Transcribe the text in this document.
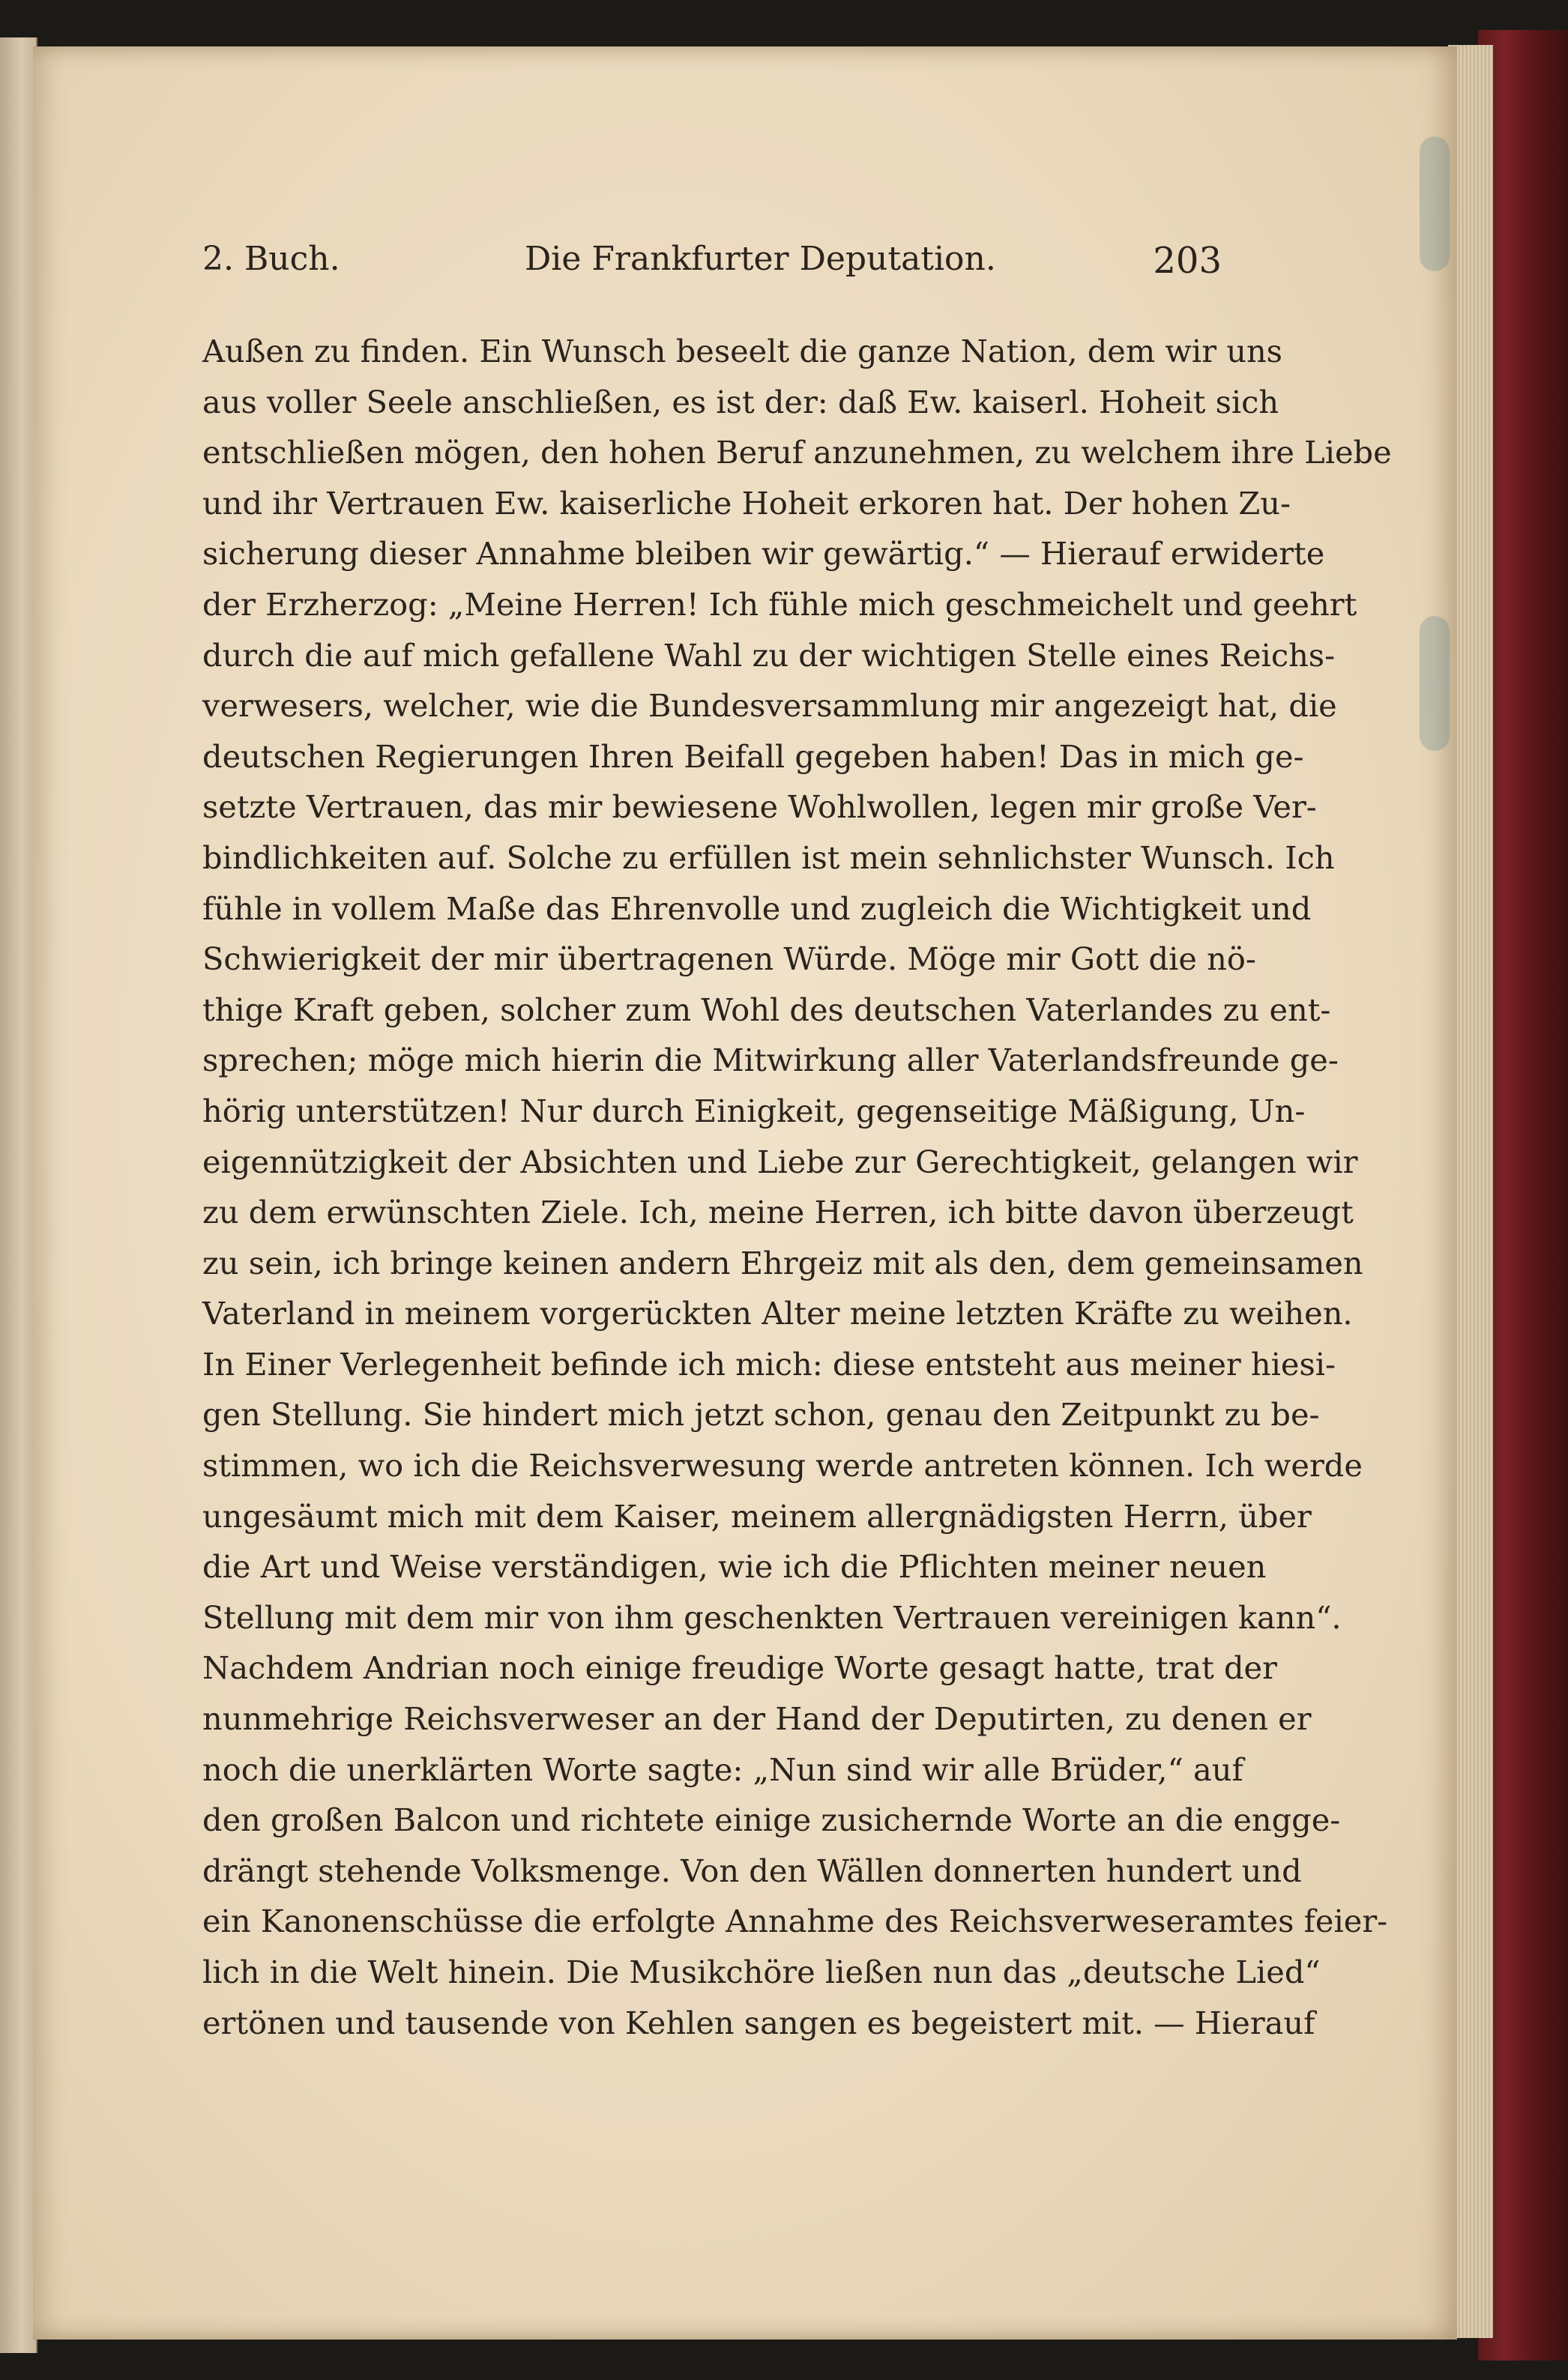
2. Buch.	Die Frankfurter Deputation.	203
Außen zu finden. Ein Wunsch beseelt die ganze Nation, dem wir uns
aus voller Seele anschließen, es ist der: daß Ew. kaiserl. Hoheit sich
entschließen mögen, den hohen Beruf anzunehmen, zu welchem ihre Liebe
und ihr Vertrauen Ew. kaiserliche Hoheit erkoren hat. Der hohen Zu-
sicherung dieser Annahme bleiben wir gewärtig.“ — Hierauf erwiderte
der Erzherzog: „Meine Herren! Ich fühle mich geschmeichelt und geehrt
durch die auf mich gefallene Wahl zu der wichtigen Stelle eines Reichs-
verwesers, welcher, wie die Bundesversammlung mir angezeigt hat, die
deutschen Regierungen Ihren Beifall gegeben haben! Das in mich ge-
setzte Vertrauen, das mir bewiesene Wohlwollen, legen mir große Ver-
bindlichkeiten auf. Solche zu erfüllen ist mein sehnlichster Wunsch. Ich
fühle in vollem Maße das Ehrenvolle und zugleich die Wichtigkeit und
Schwierigkeit der mir übertragenen Würde. Möge mir Gott die nö-
thige Kraft geben, solcher zum Wohl des deutschen Vaterlandes zu ent-
sprechen; möge mich hierin die Mitwirkung aller Vaterlandsfreunde ge-
hörig unterstützen! Nur durch Einigkeit, gegenseitige Mäßigung, Un-
eigennützigkeit der Absichten und Liebe zur Gerechtigkeit, gelangen wir
zu dem erwünschten Ziele. Ich, meine Herren, ich bitte davon überzeugt
zu sein, ich bringe keinen andern Ehrgeiz mit als den, dem gemeinsamen
Vaterland in meinem vorgerückten Alter meine letzten Kräfte zu weihen.
In Einer Verlegenheit befinde ich mich: diese entsteht aus meiner hiesi-
gen Stellung. Sie hindert mich jetzt schon, genau den Zeitpunkt zu be-
stimmen, wo ich die Reichsverwesung werde antreten können. Ich werde
ungesäumt mich mit dem Kaiser, meinem allergnädigsten Herrn, über
die Art und Weise verständigen, wie ich die Pflichten meiner neuen
Stellung mit dem mir von ihm geschenkten Vertrauen vereinigen kann“.
Nachdem Andrian noch einige freudige Worte gesagt hatte, trat der
nunmehrige Reichsverweser an der Hand der Deputirten, zu denen er
noch die unerklärten Worte sagte: „Nun sind wir alle Brüder,“ auf
den großen Balcon und richtete einige zusichernde Worte an die engge-
drängt stehende Volksmenge. Von den Wällen donnerten hundert und
ein Kanonenschüsse die erfolgte Annahme des Reichsverweseramtes feier-
lich in die Welt hinein. Die Musikchöre ließen nun das „deutsche Lied“
ertönen und tausende von Kehlen sangen es begeistert mit. — Hierauf
